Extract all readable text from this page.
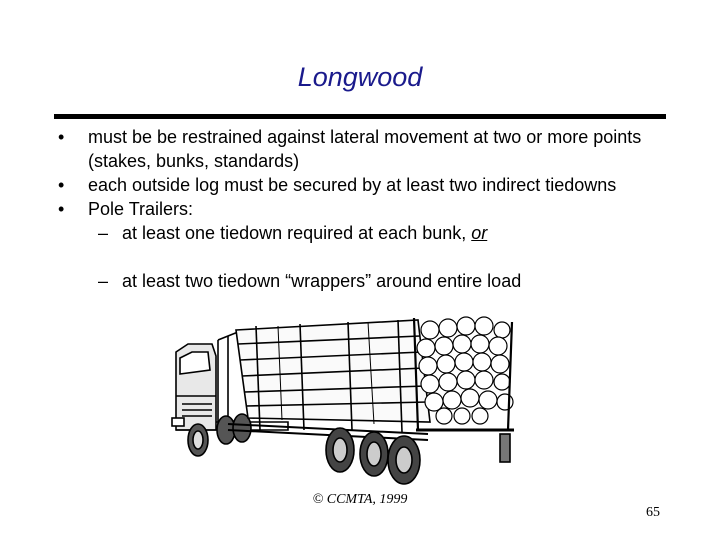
Longwood
• must be be restrained against lateral movement at two or more points (stakes, bunks, standards)
• each outside log must be secured by at least two indirect tiedowns
• Pole Trailers:
– at least one tiedown required at each bunk, or
– at least two tiedown “wrappers” around entire load
© CCMTA, 1999
65
